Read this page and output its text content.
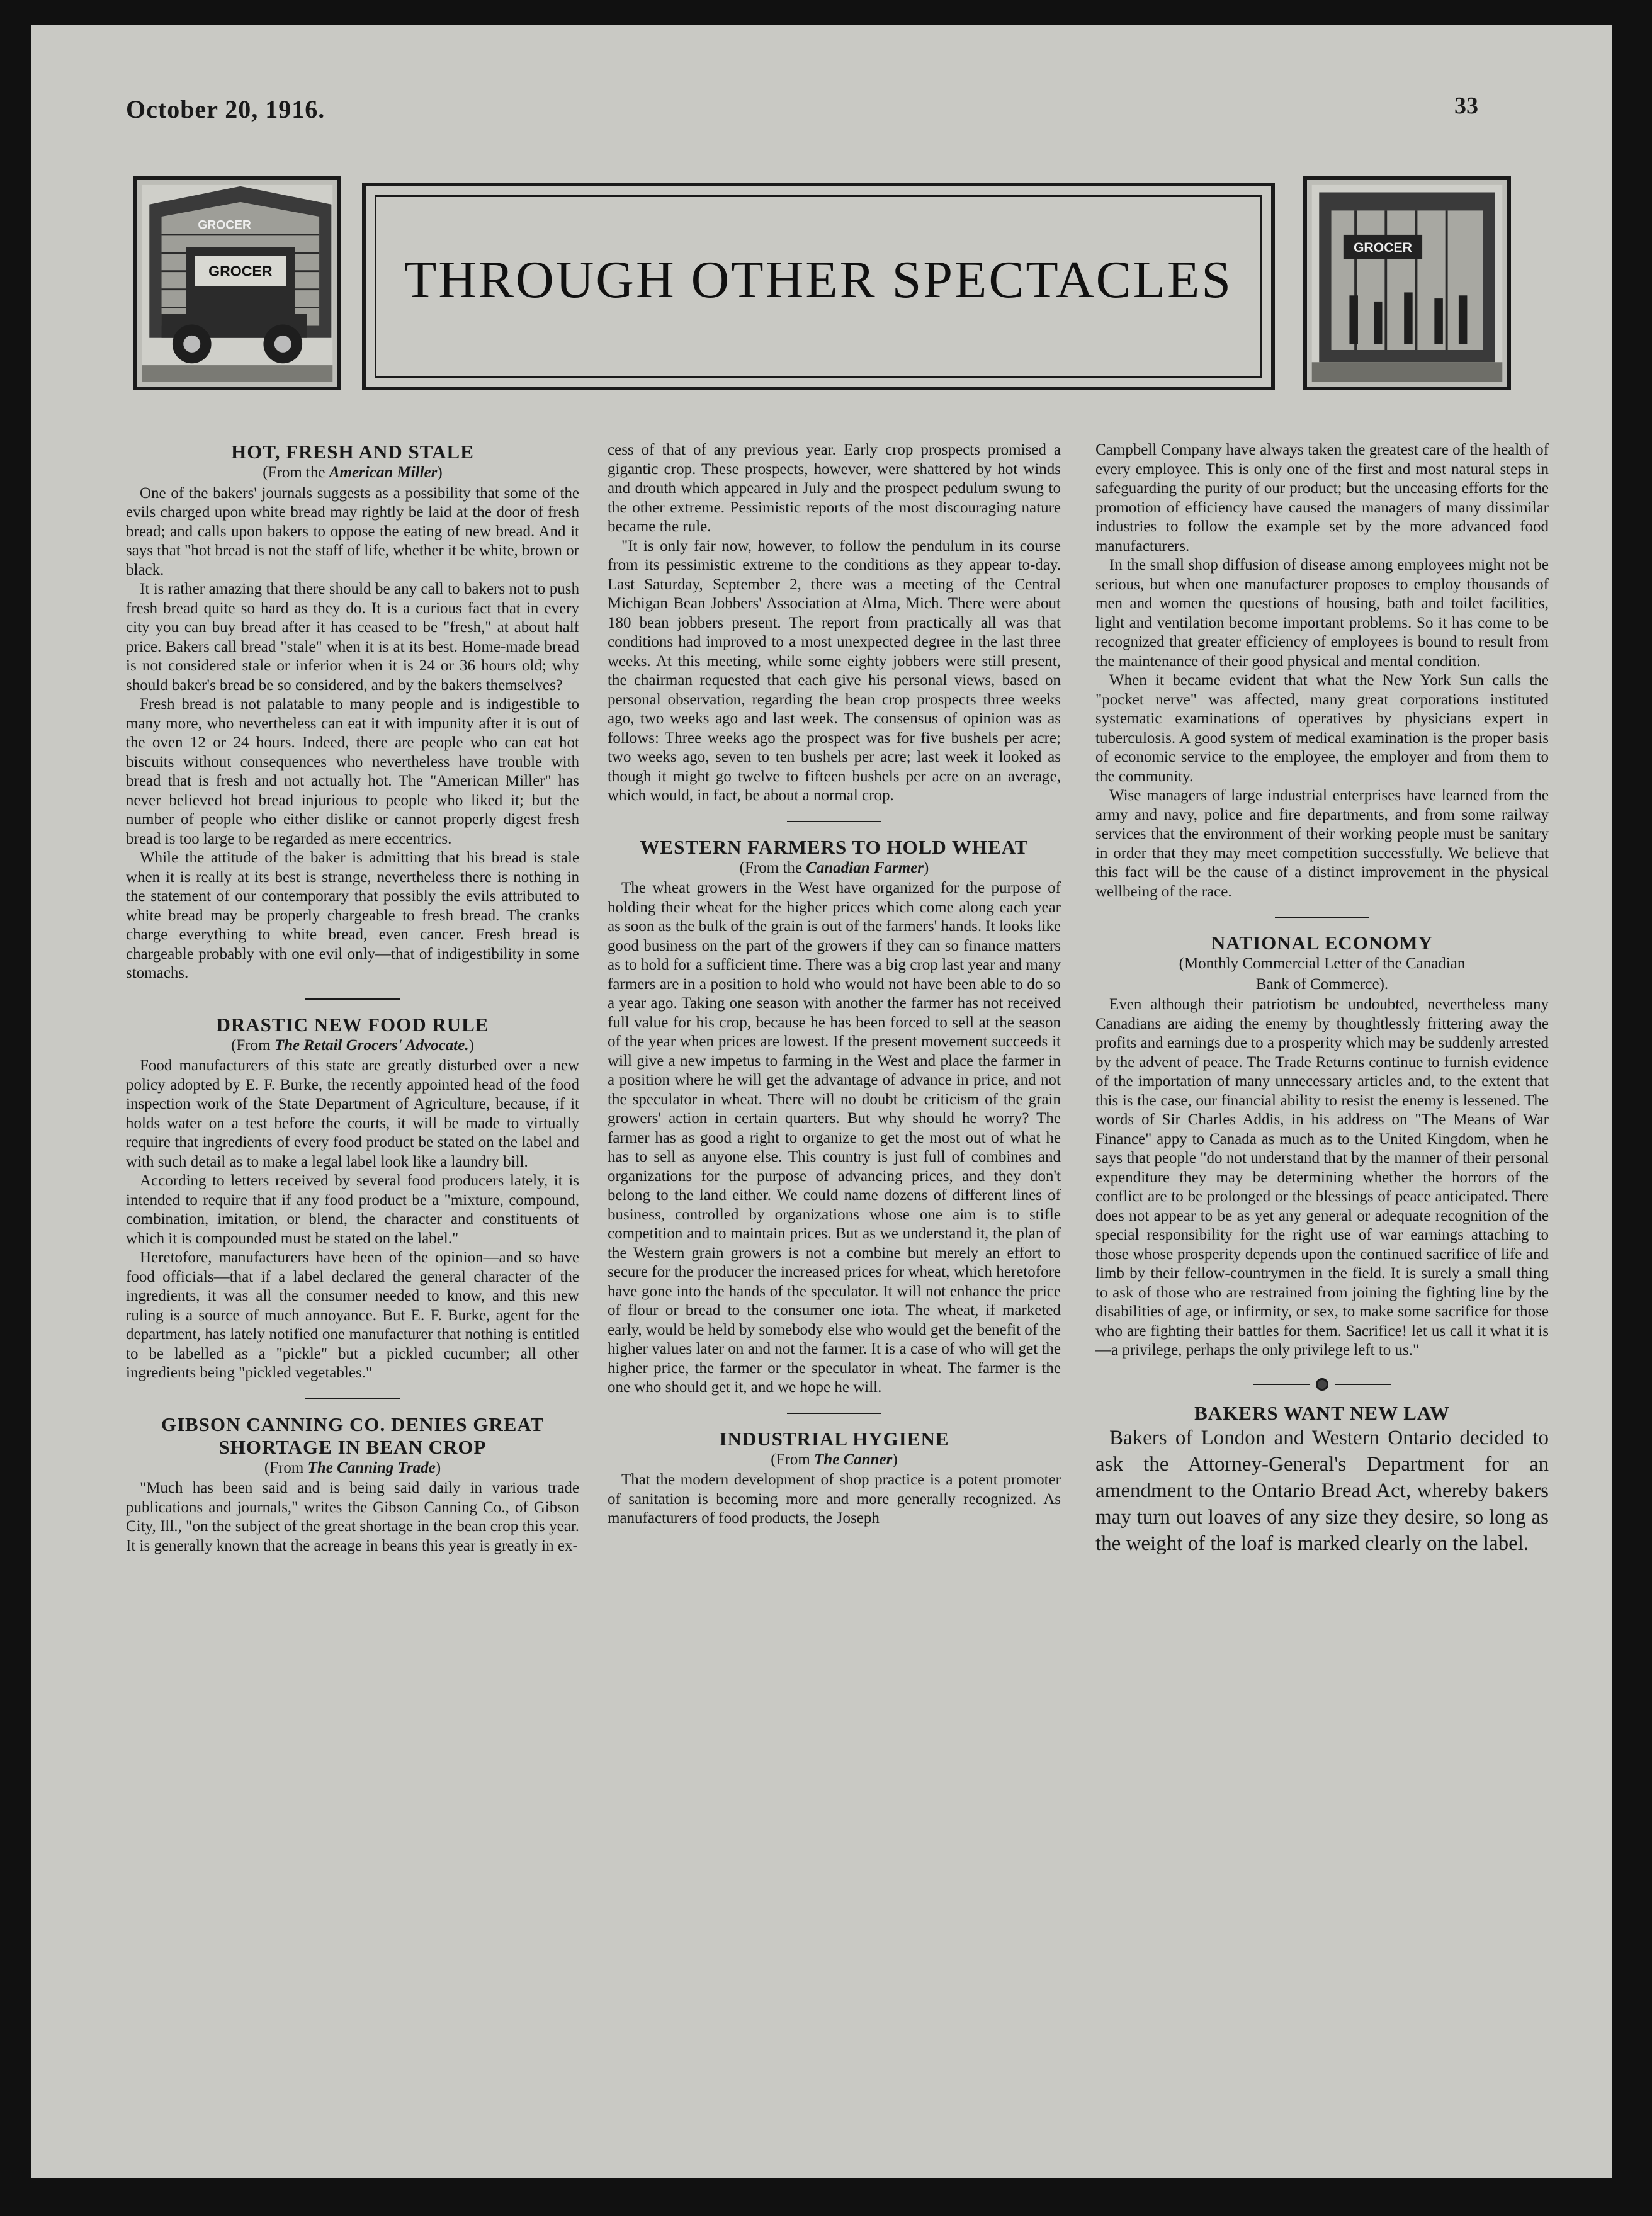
October 20, 1916.	33
GROCER
GROCER
THROUGH OTHER SPECTACLES
GROCER
HOT, FRESH AND STALE
(From the American Miller)

One of the bakers' journals suggests as a possibility that some of the evils charged upon white bread may rightly be laid at the door of fresh bread; and calls upon bakers to oppose the eating of new bread. And it says that "hot bread is not the staff of life, whether it be white, brown or black.

It is rather amazing that there should be any call to bakers not to push fresh bread quite so hard as they do. It is a curious fact that in every city you can buy bread after it has ceased to be "fresh," at about half price. Bakers call bread "stale" when it is at its best. Home-made bread is not considered stale or inferior when it is 24 or 36 hours old; why should baker's bread be so considered, and by the bakers themselves?

Fresh bread is not palatable to many people and is indigestible to many more, who nevertheless can eat it with impunity after it is out of the oven 12 or 24 hours. Indeed, there are people who can eat hot biscuits without consequences who nevertheless have trouble with bread that is fresh and not actually hot. The "American Miller" has never believed hot bread injurious to people who liked it; but the number of people who either dislike or cannot properly digest fresh bread is too large to be regarded as mere eccentrics.

While the attitude of the baker is admitting that his bread is stale when it is really at its best is strange, nevertheless there is nothing in the statement of our contemporary that possibly the evils attributed to white bread may be properly chargeable to fresh bread. The cranks charge everything to white bread, even cancer. Fresh bread is chargeable probably with one evil only—that of indigestibility in some stomachs.

DRASTIC NEW FOOD RULE
(From The Retail Grocers' Advocate.)

Food manufacturers of this state are greatly disturbed over a new policy adopted by E. F. Burke, the recently appointed head of the food inspection work of the State Department of Agriculture, because, if it holds water on a test before the courts, it will be made to virtually require that ingredients of every food product be stated on the label and with such detail as to make a legal label look like a laundry bill.

According to letters received by several food producers lately, it is intended to require that if any food product be a "mixture, compound, combination, imitation, or blend, the character and constituents of which it is compounded must be stated on the label."

Heretofore, manufacturers have been of the opinion—and so have food officials—that if a label declared the general character of the ingredients, it was all the consumer needed to know, and this new ruling is a source of much annoyance. But E. F. Burke, agent for the department, has lately notified one manufacturer that nothing is entitled to be labelled as a "pickle" but a pickled cucumber; all other ingredients being "pickled vegetables."

GIBSON CANNING CO. DENIES GREAT SHORTAGE IN BEAN CROP
(From The Canning Trade)

"Much has been said and is being said daily in various trade publications and journals," writes the Gibson Canning Co., of Gibson City, Ill., "on the subject of the great shortage in the bean crop this year. It is generally known that the acreage in beans this year is greatly in ex-

cess of that of any previous year. Early crop prospects promised a gigantic crop. These prospects, however, were shattered by hot winds and drouth which appeared in July and the prospect pedulum swung to the other extreme. Pessimistic reports of the most discouraging nature became the rule.

"It is only fair now, however, to follow the pendulum in its course from its pessimistic extreme to the conditions as they appear to-day. Last Saturday, September 2, there was a meeting of the Central Michigan Bean Jobbers' Association at Alma, Mich. There were about 180 bean jobbers present. The report from practically all was that conditions had improved to a most unexpected degree in the last three weeks. At this meeting, while some eighty jobbers were still present, the chairman requested that each give his personal views, based on personal observation, regarding the bean crop prospects three weeks ago, two weeks ago and last week. The consensus of opinion was as follows: Three weeks ago the prospect was for five bushels per acre; two weeks ago, seven to ten bushels per acre; last week it looked as though it might go twelve to fifteen bushels per acre on an average, which would, in fact, be about a normal crop.

WESTERN FARMERS TO HOLD WHEAT
(From the Canadian Farmer)

The wheat growers in the West have organized for the purpose of holding their wheat for the higher prices which come along each year as soon as the bulk of the grain is out of the farmers' hands. It looks like good business on the part of the growers if they can so finance matters as to hold for a sufficient time. There was a big crop last year and many farmers are in a position to hold who would not have been able to do so a year ago. Taking one season with another the farmer has not received full value for his crop, because he has been forced to sell at the season of the year when prices are lowest. If the present movement succeeds it will give a new impetus to farming in the West and place the farmer in a position where he will get the advantage of advance in price, and not the speculator in wheat. There will no doubt be criticism of the grain growers' action in certain quarters. But why should he worry? The farmer has as good a right to organize to get the most out of what he has to sell as anyone else. This country is just full of combines and organizations for the purpose of advancing prices, and they don't belong to the land either. We could name dozens of different lines of business, controlled by organizations whose one aim is to stifle competition and to maintain prices. But as we understand it, the plan of the Western grain growers is not a combine but merely an effort to secure for the producer the increased prices for wheat, which heretofore have gone into the hands of the speculator. It will not enhance the price of flour or bread to the consumer one iota. The wheat, if marketed early, would be held by somebody else who would get the benefit of the higher values later on and not the farmer. It is a case of who will get the higher price, the farmer or the speculator in wheat. The farmer is the one who should get it, and we hope he will.

INDUSTRIAL HYGIENE
(From The Canner)

That the modern development of shop practice is a potent promoter of sanitation is becoming more and more generally recognized. As manufacturers of food products, the Joseph

Campbell Company have always taken the greatest care of the health of every employee. This is only one of the first and most natural steps in safeguarding the purity of our product; but the unceasing efforts for the promotion of efficiency have caused the managers of many dissimilar industries to follow the example set by the more advanced food manufacturers.

In the small shop diffusion of disease among employees might not be serious, but when one manufacturer proposes to employ thousands of men and women the questions of housing, bath and toilet facilities, light and ventilation become important problems. So it has come to be recognized that greater efficiency of employees is bound to result from the maintenance of their good physical and mental condition.

When it became evident that what the New York Sun calls the "pocket nerve" was affected, many great corporations instituted systematic examinations of operatives by physicians expert in tuberculosis. A good system of medical examination is the proper basis of economic service to the employee, the employer and from them to the community.

Wise managers of large industrial enterprises have learned from the army and navy, police and fire departments, and from some railway services that the environment of their working people must be sanitary in order that they may meet competition successfully. We believe that this fact will be the cause of a distinct improvement in the physical wellbeing of the race.

NATIONAL ECONOMY
(Monthly Commercial Letter of the Canadian
Bank of Commerce).

Even although their patriotism be undoubted, nevertheless many Canadians are aiding the enemy by thoughtlessly frittering away the profits and earnings due to a prosperity which may be suddenly arrested by the advent of peace. The Trade Returns continue to furnish evidence of the importation of many unnecessary articles and, to the extent that this is the case, our financial ability to resist the enemy is lessened. The words of Sir Charles Addis, in his address on "The Means of War Finance" appy to Canada as much as to the United Kingdom, when he says that people "do not understand that by the manner of their personal expenditure they may be determining whether the horrors of the conflict are to be prolonged or the blessings of peace anticipated. There does not appear to be as yet any general or adequate recognition of the special responsibility for the right use of war earnings attaching to those whose prosperity depends upon the continued sacrifice of life and limb by their fellow-countrymen in the field. It is surely a small thing to ask of those who are restrained from joining the fighting line by the disabilities of age, or infirmity, or sex, to make some sacrifice for those who are fighting their battles for them. Sacrifice! let us call it what it is—a privilege, perhaps the only privilege left to us."

BAKERS WANT NEW LAW

Bakers of London and Western Ontario decided to ask the Attorney-General's Department for an amendment to the Ontario Bread Act, whereby bakers may turn out loaves of any size they desire, so long as the weight of the loaf is marked clearly on the label.
